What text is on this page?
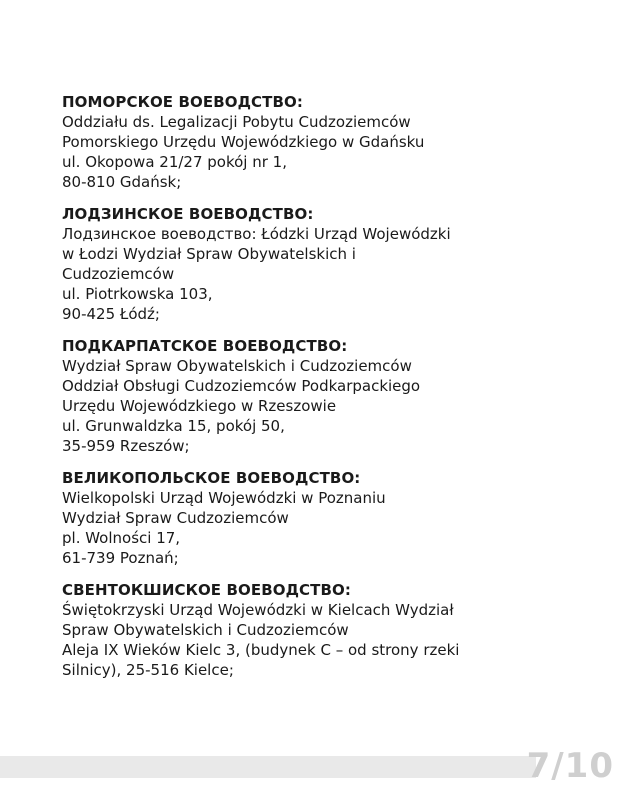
ПОМОРСКОЕ ВОЕВОДСТВО:

Oddziału ds. Legalizacji Pobytu Cudzoziemców
Pomorskiego Urzędu Wojewódzkiego w Gdańsku
ul. Okopowa 21/27 pokój nr 1,
80-810 Gdańsk;

ЛОДЗИНСКОЕ ВОЕВОДСТВО:

Лодзинское воеводство: Łódzki Urząd Wojewódzki
w Łodzi Wydział Spraw Obywatelskich i
Cudzoziemców
ul. Piotrkowska 103,
90-425 Łódź;

ПОДКАРПАТСКОЕ ВОЕВОДСТВО:

Wydział Spraw Obywatelskich i Cudzoziemców
Oddział Obsługi Cudzoziemców Podkarpackiego
Urzędu Wojewódzkiego w Rzeszowie
ul. Grunwaldzka 15, pokój 50,
35-959 Rzeszów;

ВЕЛИКОПОЛЬСКОЕ ВОЕВОДСТВО:

Wielkopolski Urząd Wojewódzki w Poznaniu
Wydział Spraw Cudzoziemców
pl. Wolności 17,
61-739 Poznań;

СВЕНТОКШИСКОЕ ВОЕВОДСТВО:

Świętokrzyski Urząd Wojewódzki w Kielcach Wydział
Spraw Obywatelskich i Cudzoziemców
Aleja IX Wieków Kielc 3, (budynek C – od strony rzeki
Silnicy), 25-516 Kielce;
7/10
